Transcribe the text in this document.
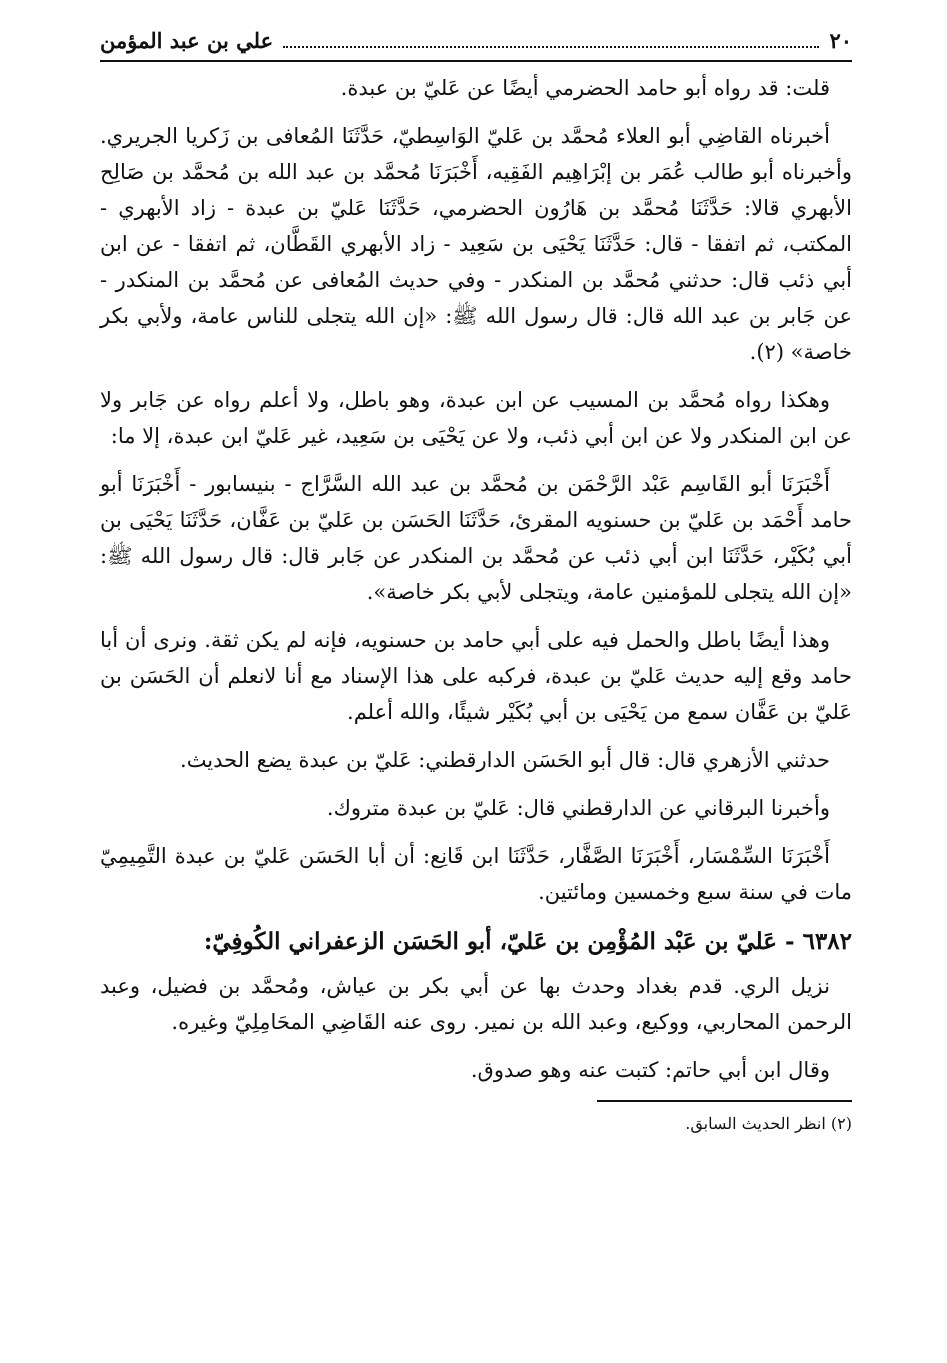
٢٠
علي بن عبد المؤمن

قلت: قد رواه أبو حامد الحضرمي أيضًا عن عَليّ بن عبدة.

أخبرناه القاضِي أبو العلاء مُحمَّد بن عَليّ الوَاسِطيّ، حَدَّثَنَا المُعافى بن زَكريا الجريري. وأخبرناه أبو طالب عُمَر بن إبْرَاهِيم الفَقِيه، أَخْبَرَنَا مُحمَّد بن عبد الله بن مُحمَّد بن صَالِح الأبهري قالا: حَدَّثَنَا مُحمَّد بن هَارُون الحضرمي، حَدَّثَنَا عَليّ بن عبدة - زاد الأبهري - المكتب، ثم اتفقا - قال: حَدَّثَنَا يَحْيَى بن سَعِيد - زاد الأبهري القَطَّان، ثم اتفقا - عن ابن أبي ذئب قال: حدثني مُحمَّد بن المنكدر - وفي حديث المُعافى عن مُحمَّد بن المنكدر - عن جَابر بن عبد الله قال: قال رسول الله ﷺ: «إن الله يتجلى للناس عامة، ولأبي بكر خاصة» (٢).

وهكذا رواه مُحمَّد بن المسيب عن ابن عبدة، وهو باطل، ولا أعلم رواه عن جَابر ولا عن ابن المنكدر ولا عن ابن أبي ذئب، ولا عن يَحْيَى بن سَعِيد، غير عَليّ ابن عبدة، إلا ما:

أَخْبَرَنَا أبو القَاسِم عَبْد الرَّحْمَن بن مُحمَّد بن عبد الله السَّرَّاج - بنيسابور - أَخْبَرَنَا أبو حامد أَحْمَد بن عَليّ بن حسنويه المقرئ، حَدَّثَنَا الحَسَن بن عَليّ بن عَفَّان، حَدَّثَنَا يَحْيَى بن أبي بُكَيْر، حَدَّثَنَا ابن أبي ذئب عن مُحمَّد بن المنكدر عن جَابر قال: قال رسول الله ﷺ: «إن الله يتجلى للمؤمنين عامة، ويتجلى لأبي بكر خاصة».

وهذا أيضًا باطل والحمل فيه على أبي حامد بن حسنويه، فإنه لم يكن ثقة. ونرى أن أبا حامد وقع إليه حديث عَليّ بن عبدة، فركبه على هذا الإسناد مع أنا لانعلم أن الحَسَن بن عَليّ بن عَفَّان سمع من يَحْيَى بن أبي بُكَيْر شيئًا، والله أعلم.

حدثني الأزهري قال: قال أبو الحَسَن الدارقطني: عَليّ بن عبدة يضع الحديث.

وأخبرنا البرقاني عن الدارقطني قال: عَليّ بن عبدة متروك.

أَخْبَرَنَا السِّمْسَار، أَخْبَرَنَا الصَّفَّار، حَدَّثَنَا ابن قَانِع: أن أبا الحَسَن عَليّ بن عبدة التَّمِيمِيّ مات في سنة سبع وخمسين ومائتين.

٦٣٨٢ - عَليّ بن عَبْد المُؤْمِن بن عَليّ، أبو الحَسَن الزعفراني الكُوفِيّ:

نزيل الري. قدم بغداد وحدث بها عن أبي بكر بن عياش، ومُحمَّد بن فضيل، وعبد الرحمن المحاربي، ووكيع، وعبد الله بن نمير. روى عنه القَاضِي المحَامِلِيّ وغيره.

وقال ابن أبي حاتم: كتبت عنه وهو صدوق.

(٢) انظر الحديث السابق.
